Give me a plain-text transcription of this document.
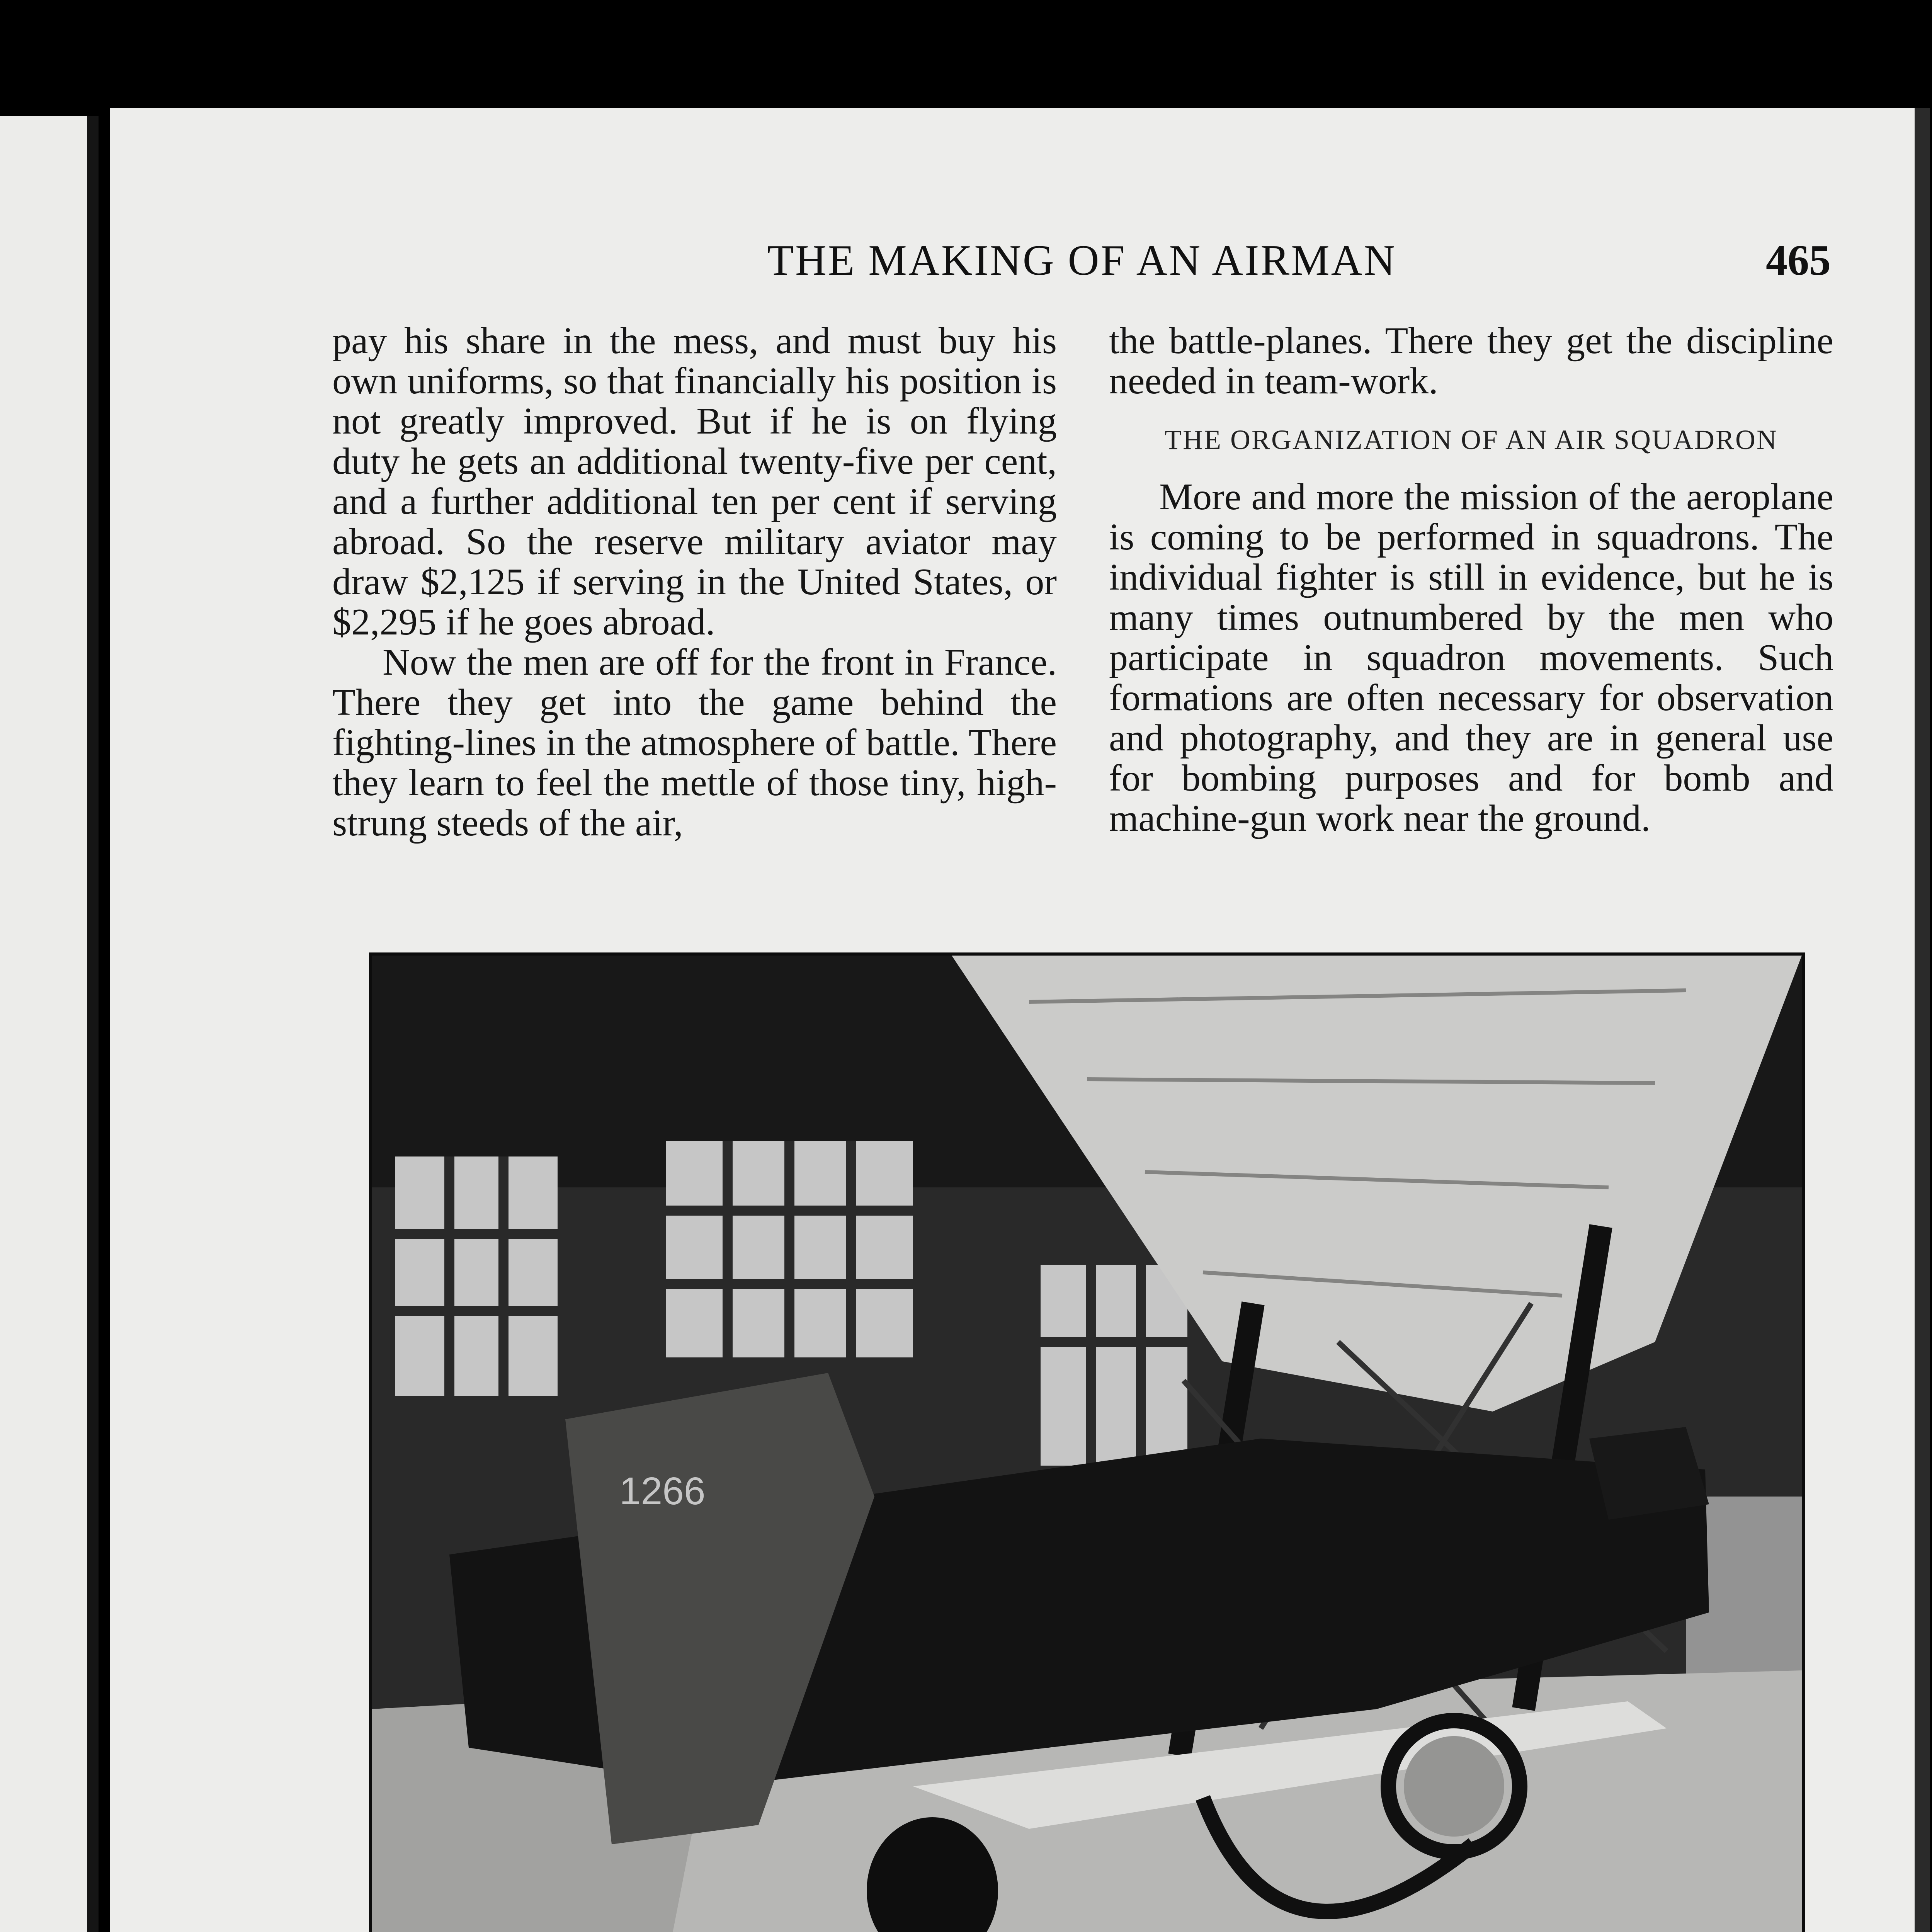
THE MAKING OF AN AIRMAN	465

pay his share in the mess, and must buy his own uniforms, so that financially his position is not greatly improved. But if he is on flying duty he gets an additional twenty-five per cent, and a further additional ten per cent if serving abroad. So the reserve military aviator may draw $2,125 if serving in the United States, or $2,295 if he goes abroad.

Now the men are off for the front in France. There they get into the game behind the fighting-lines in the atmosphere of battle. There they learn to feel the mettle of those tiny, high-strung steeds of the air,

the battle-planes. There they get the discipline needed in team-work.

THE ORGANIZATION OF AN AIR SQUADRON

More and more the mission of the aeroplane is coming to be performed in squadrons. The individual fighter is still in evidence, but he is many times outnumbered by the men who participate in squadron movements. Such formations are often necessary for observation and photography, and they are in general use for bombing purposes and for bomb and machine-gun work near the ground.

1266
